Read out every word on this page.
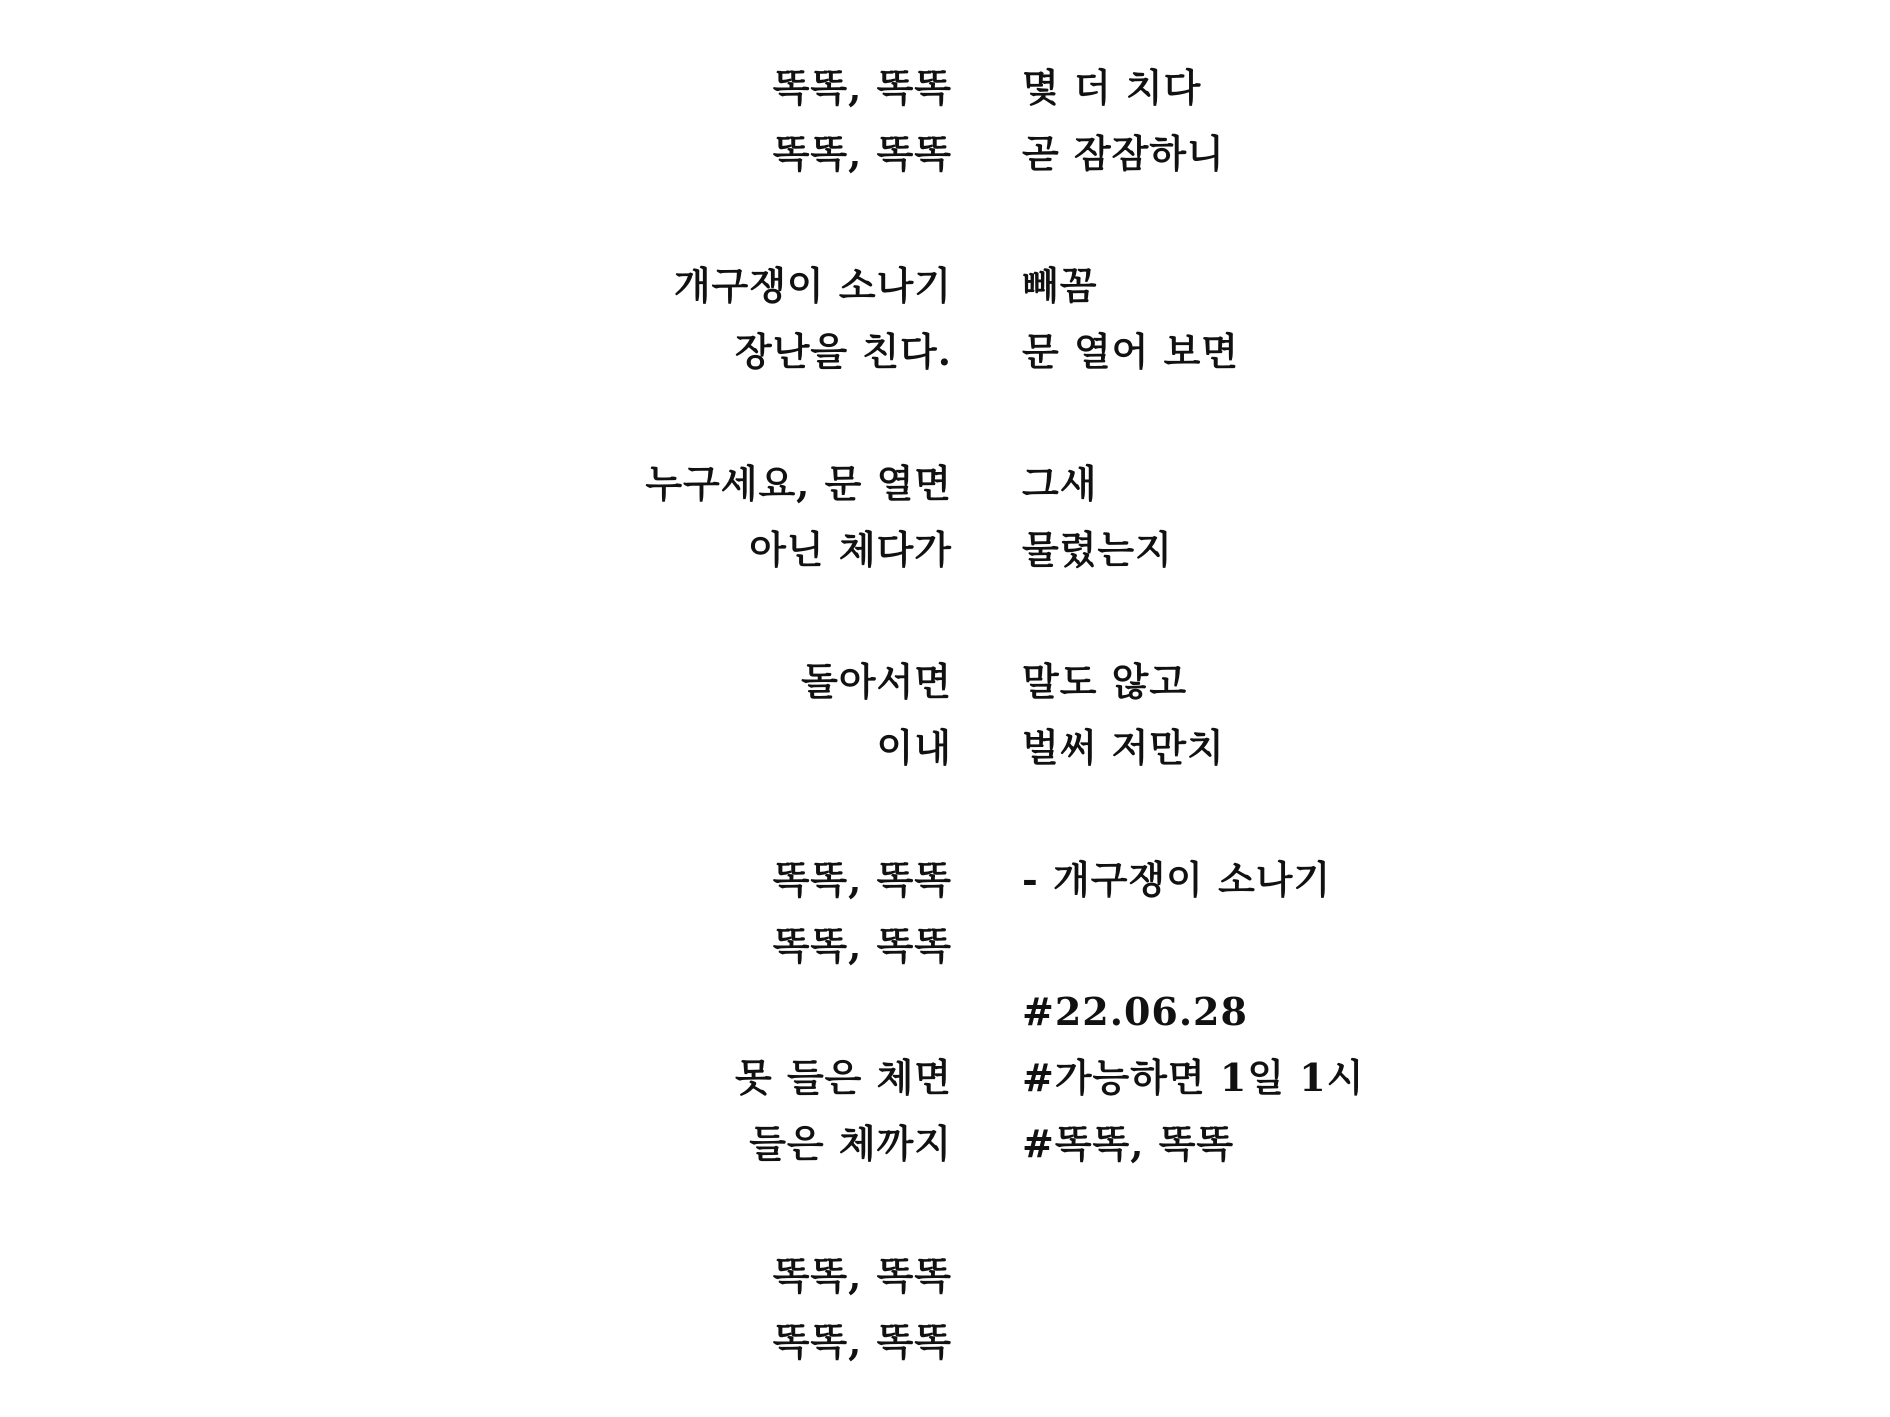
똑똑, 똑똑
똑똑, 똑똑
개구쟁이 소나기
장난을 친다.
누구세요, 문 열면
아닌 체다가
돌아서면
이내
똑똑, 똑똑
똑똑, 똑똑
못 들은 체면
들은 체까지
똑똑, 똑똑
똑똑, 똑똑
몇 더 치다
곧 잠잠하니
빼꼼
문 열어 보면
그새
물렸는지
말도 않고
벌써 저만치
- 개구쟁이 소나기
#22.06.28
#가능하면 1일 1시
#똑똑, 똑똑
